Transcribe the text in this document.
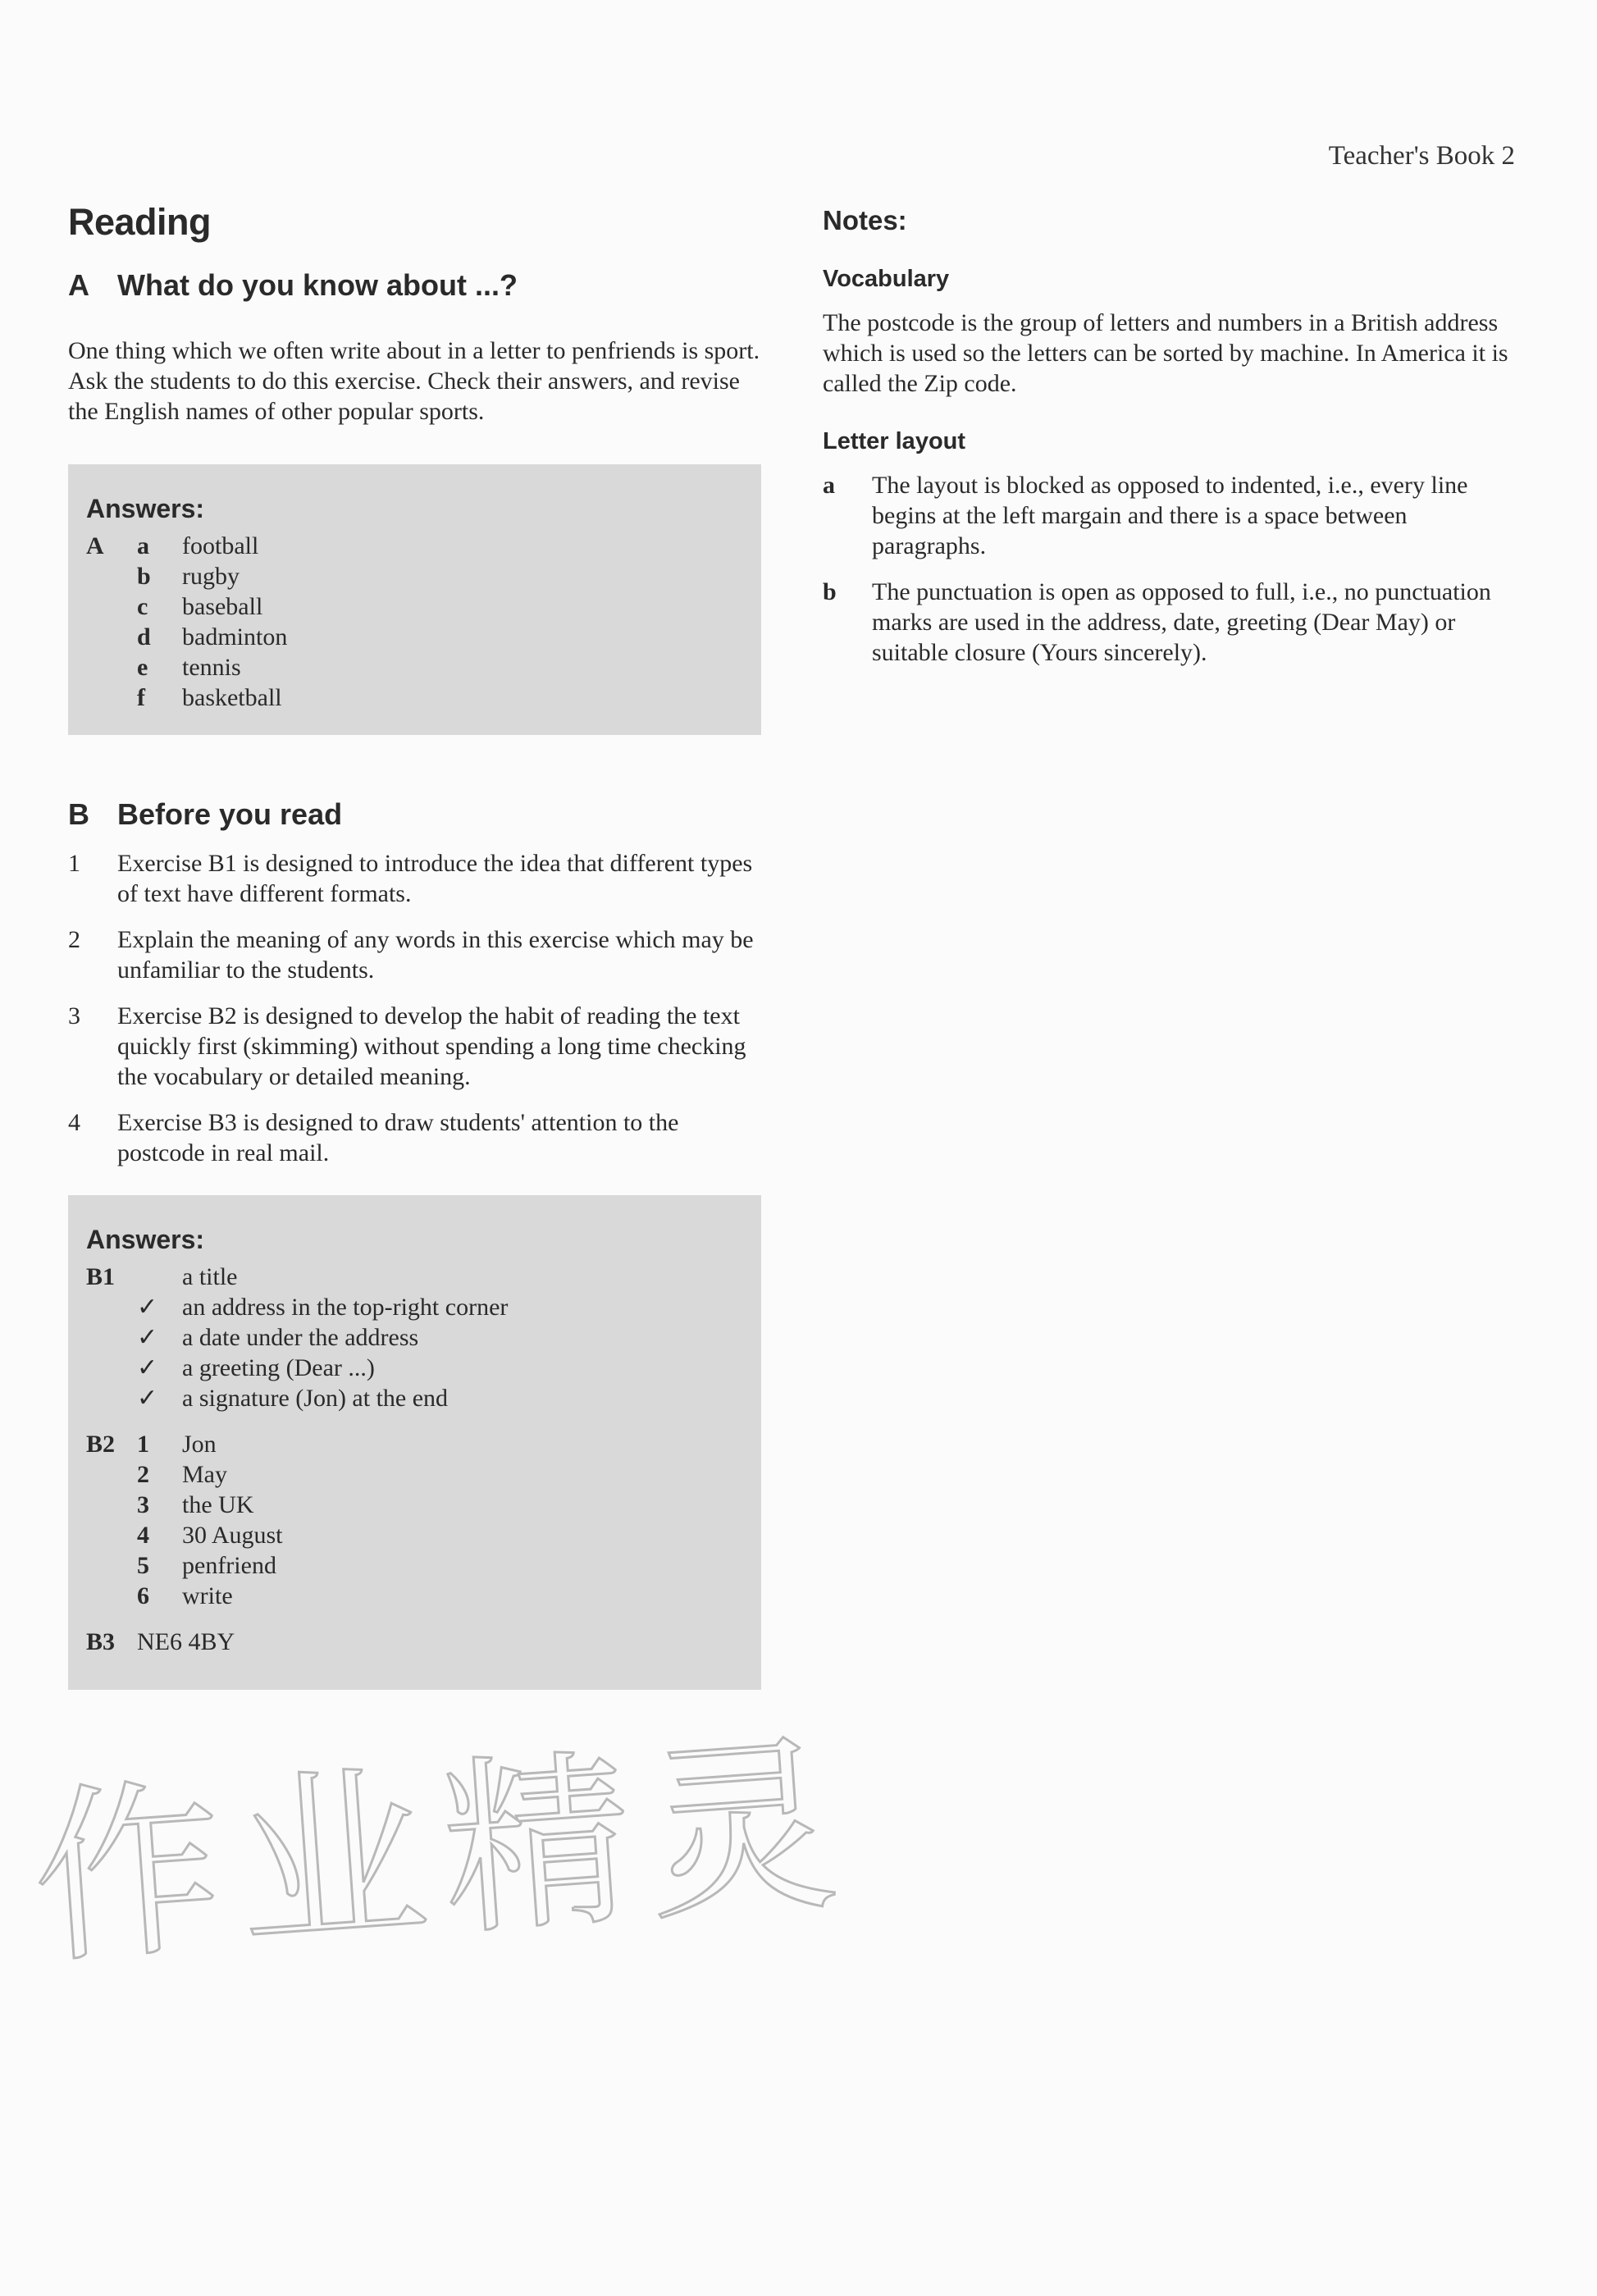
Teacher's Book 2
Reading
A What do you know about ...?

One thing which we often write about in a letter to penfriends is sport. Ask the students to do this exercise. Check their answers, and revise the English names of other popular sports.

Answers:
A	a	football
b	rugby
c	baseball
d	badminton
e	tennis
f	basketball
B Before you read
1	Exercise B1 is designed to introduce the idea that different types of text have different formats.
2	Explain the meaning of any words in this exercise which may be unfamiliar to the students.
3	Exercise B2 is designed to develop the habit of reading the text quickly first (skimming) without spending a long time checking the vocabulary or detailed meaning.
4	Exercise B3 is designed to draw students' attention to the postcode in real mail.
Answers:
B1	a title
✓ an address in the top-right corner
✓ a date under the address
✓ a greeting (Dear ...)
✓ a signature (Jon) at the end
B2 1	Jon
2	May
3	the UK
4	30 August
5	penfriend
6	write
B3 NE6 4BY
Notes:
Vocabulary

The postcode is the group of letters and numbers in a British address which is used so the letters can be sorted by machine. In America it is called the Zip code.

Letter layout
a	The layout is blocked as opposed to indented, i.e., every line begins at the left margain and there is a space between paragraphs.
b	The punctuation is open as opposed to full, i.e., no punctuation marks are used in the address, date, greeting (Dear May) or suitable closure (Yours sincerely).
作业精灵
